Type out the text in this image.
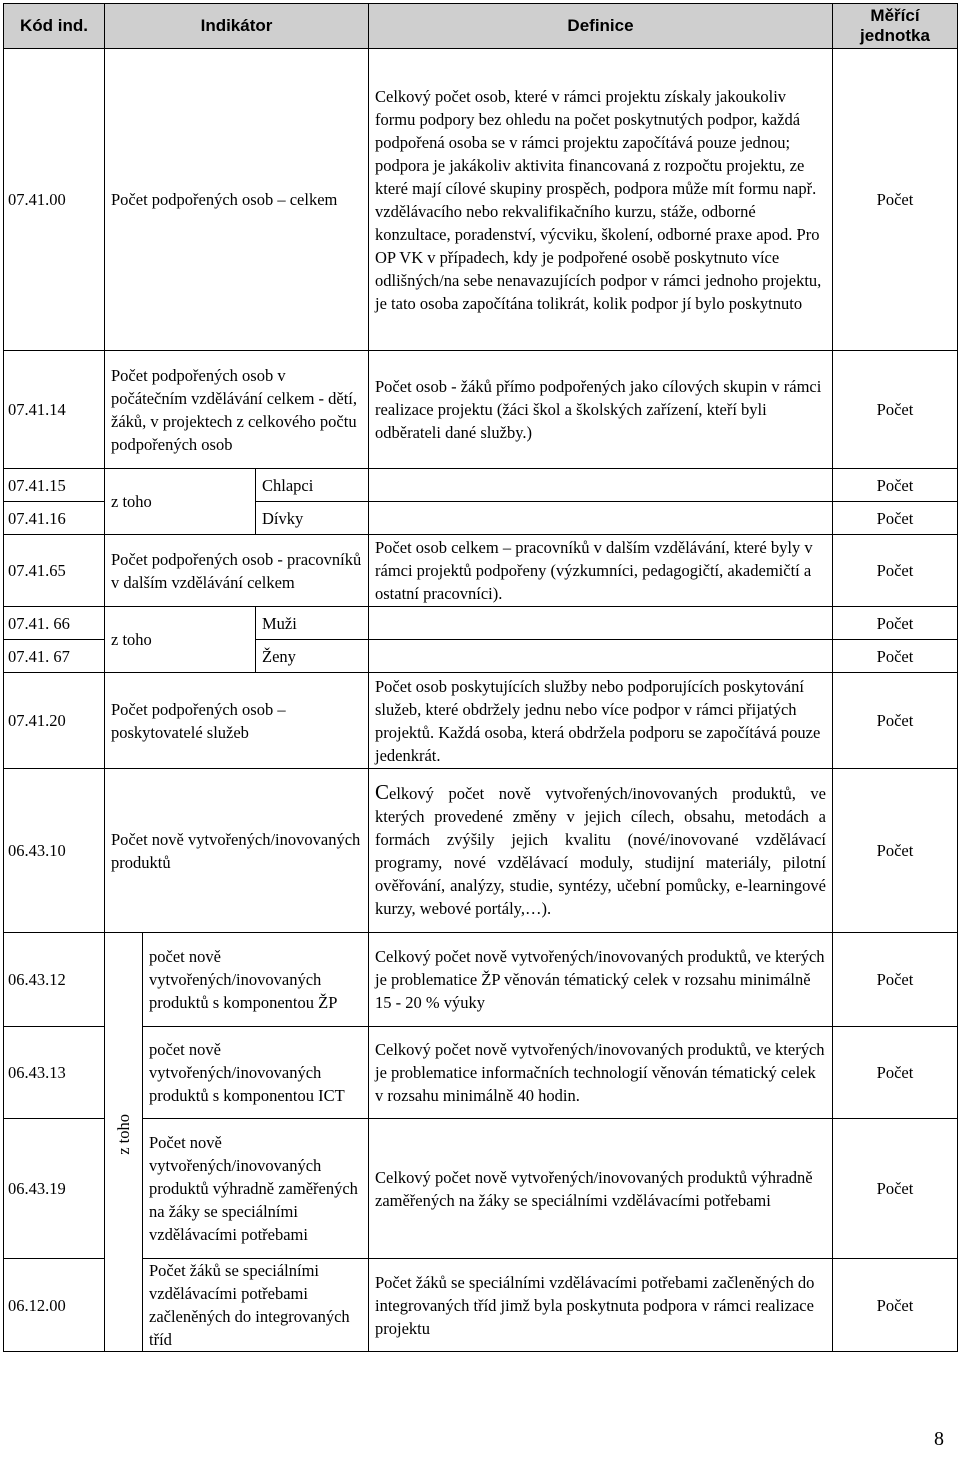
Kód ind.	Indikátor			Definice	Měřící
jednotka
07.41.00	Počet podpořených osob – celkem			Celkový počet osob, které v rámci projektu získaly jakoukoliv formu podpory bez ohledu na počet poskytnutých podpor, každá podpořená osoba se v rámci projektu započítává pouze jednou; podpora je jakákoliv aktivita financovaná z rozpočtu projektu, ze které mají cílové skupiny prospěch, podpora může mít formu např. vzdělávacího nebo rekvalifikačního kurzu, stáže, odborné konzultace, poradenství, výcviku, školení, odborné praxe apod. Pro OP VK v případech, kdy je podpořené osobě poskytnuto více odlišných/na sebe nenavazujících podpor v rámci jednoho projektu, je tato osoba započítána tolikrát, kolik podpor jí bylo poskytnuto	Počet
07.41.14	Počet podpořených osob v počátečním vzdělávání celkem - dětí, žáků, v projektech z celkového počtu podpořených osob			Počet osob - žáků přímo podpořených jako cílových skupin v rámci realizace projektu (žáci škol a školských zařízení, kteří byli odběrateli dané služby.)	Počet
07.41.15	z toho		Chlapci		Počet
07.41.16			Dívky		Počet
07.41.65	Počet podpořených osob - pracovníků v dalším vzdělávání celkem			Počet osob celkem – pracovníků v dalším vzdělávání, které byly v rámci projektů podpořeny (výzkumníci, pedagogičtí, akademičtí a ostatní pracovníci).	Počet
07.41. 66	z toho		Muži		Počet
07.41. 67			Ženy		Počet
07.41.20	Počet podpořených osob – poskytovatelé služeb			Počet osob poskytujících služby nebo podporujících poskytování služeb, které obdržely jednu nebo více podpor v rámci přijatých projektů. Každá osoba, která obdržela podporu se započítává pouze jedenkrát.	Počet
06.43.10	Počet nově vytvořených/inovovaných produktů			Celkový počet nově vytvořených/inovovaných produktů, ve kterých provedené změny v jejich cílech, obsahu, metodách a formách zvýšily jejich kvalitu (nové/inovované vzdělávací programy, nové vzdělávací moduly, studijní materiály, pilotní ověřování, analýzy, studie, syntézy, učební pomůcky, e-learningové kurzy, webové portály,…).	Počet
06.43.12	z toho	počet nově vytvořených/inovovaných produktů s komponentou ŽP		Celkový počet nově vytvořených/inovovaných produktů, ve kterých je problematice ŽP věnován tématický celek v rozsahu minimálně 15 - 20 % výuky	Počet
06.43.13		počet nově vytvořených/inovovaných produktů s komponentou ICT		Celkový počet nově vytvořených/inovovaných produktů, ve kterých je problematice informačních technologií věnován tématický celek v rozsahu minimálně 40 hodin.	Počet
06.43.19		Počet nově vytvořených/inovovaných produktů výhradně zaměřených na žáky se speciálními vzdělávacími potřebami		Celkový počet nově vytvořených/inovovaných produktů výhradně zaměřených na žáky se speciálními vzdělávacími potřebami	Počet
06.12.00		Počet žáků se speciálními vzdělávacími potřebami začleněných do integrovaných tříd		Počet žáků se speciálními vzdělávacími potřebami začleněných do integrovaných tříd jimž byla poskytnuta podpora v rámci realizace projektu	Počet
8
